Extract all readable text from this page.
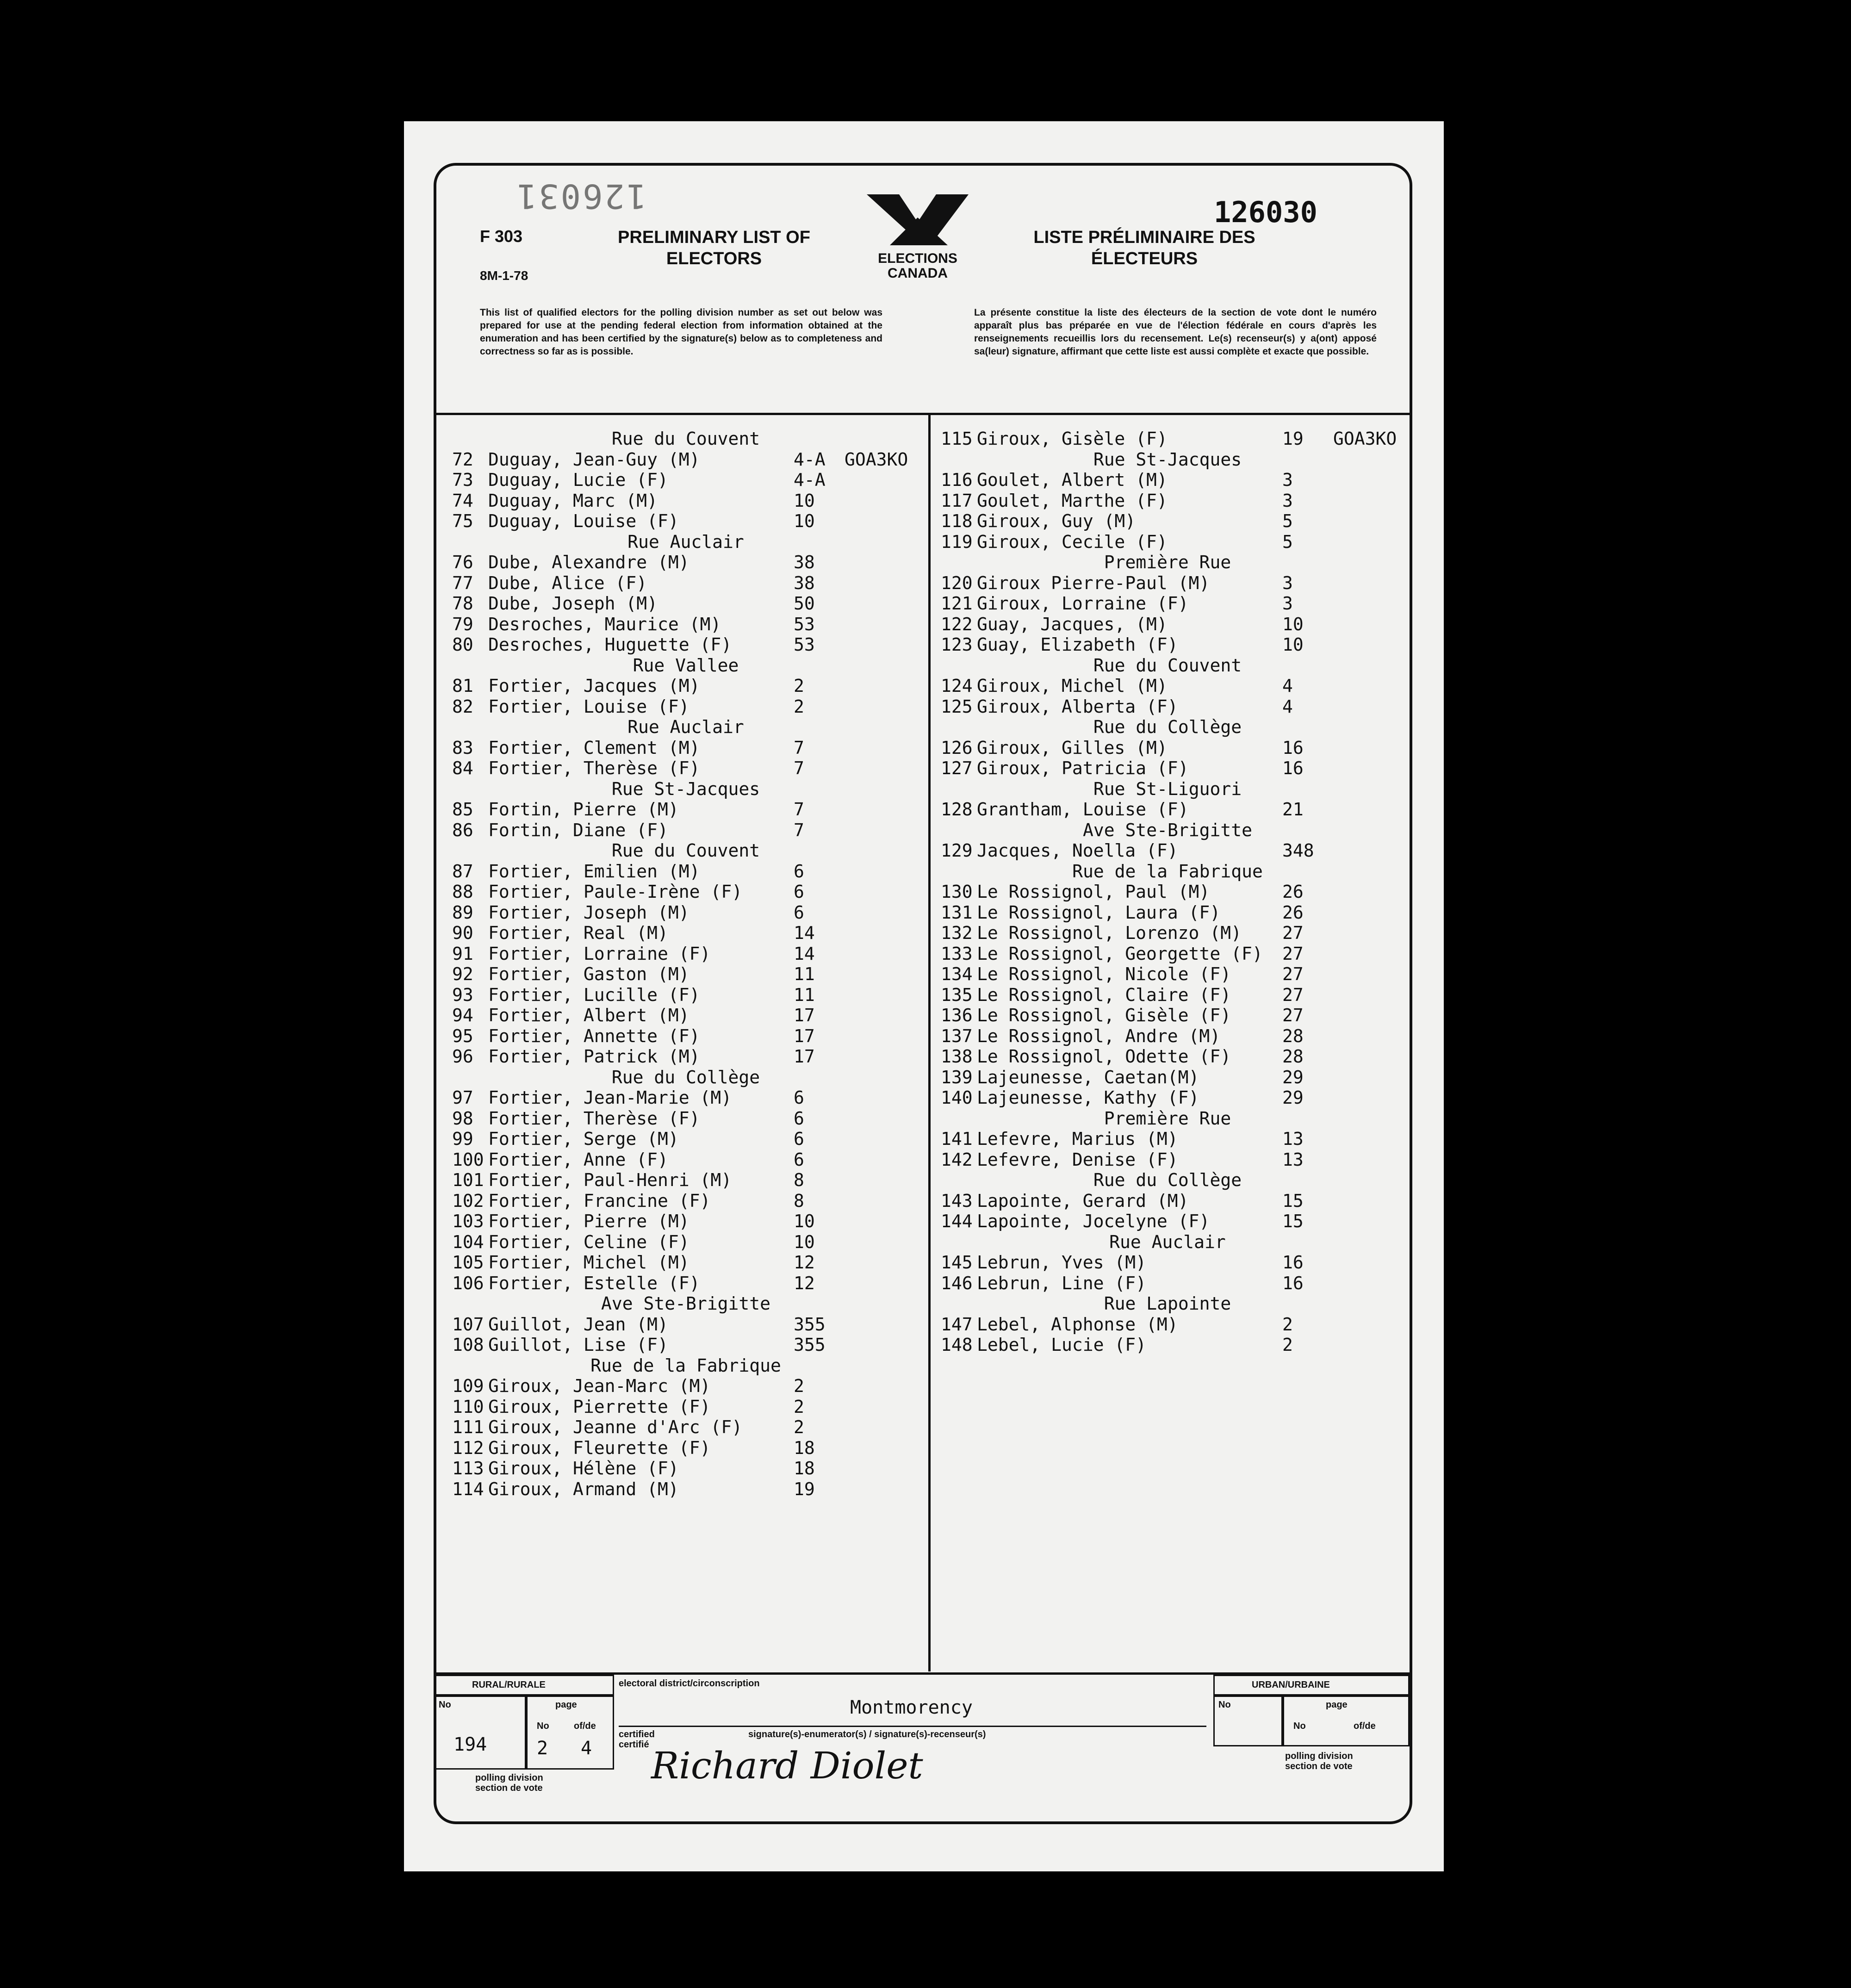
126031	126030
F 303
8M-1-78
PRELIMINARY LIST OF ELECTORS
LISTE PRÉLIMINAIRE DES ÉLECTEURS
ELECTIONS
CANADA
This list of qualified electors for the polling division number as set out below was prepared for use at the pending federal election from information obtained at the enumeration and has been certified by the signature(s) below as to completeness and correctness so far as is possible.
La présente constitue la liste des électeurs de la section de vote dont le numéro apparaît plus bas préparée en vue de l'élection fédérale en cours d'après les renseignements recueillis lors du recensement. Le(s) recenseur(s) y a(ont) apposé sa(leur) signature, affirmant que cette liste est aussi complète et exacte que possible.
Rue du Couvent
72 Duguay, Jean-Guy (M)	4-A GOA3KO
73 Duguay, Lucie (F)	4-A
74 Duguay, Marc (M)	10
75 Duguay, Louise (F)	10
Rue Auclair
76 Dube, Alexandre (M)	38
77 Dube, Alice (F)	38
78 Dube, Joseph (M)	50
79 Desroches, Maurice (M)	53
80 Desroches, Huguette (F)	53
Rue Vallee
81 Fortier, Jacques (M)	2
82 Fortier, Louise (F)	2
Rue Auclair
83 Fortier, Clement (M)	7
84 Fortier, Therèse (F)	7
Rue St-Jacques
85 Fortin, Pierre (M)	7
86 Fortin, Diane (F)	7
Rue du Couvent
87 Fortier, Emilien (M)	6
88 Fortier, Paule-Irène (F)	6
89 Fortier, Joseph (M)	6
90 Fortier, Real (M)	14
91 Fortier, Lorraine (F)	14
92 Fortier, Gaston (M)	11
93 Fortier, Lucille (F)	11
94 Fortier, Albert (M)	17
95 Fortier, Annette (F)	17
96 Fortier, Patrick (M)	17
Rue du Collège
97 Fortier, Jean-Marie (M)	6
98 Fortier, Therèse (F)	6
99 Fortier, Serge (M)	6
100 Fortier, Anne (F)	6
101 Fortier, Paul-Henri (M)	8
102 Fortier, Francine (F)	8
103 Fortier, Pierre (M)	10
104 Fortier, Celine (F)	10
105 Fortier, Michel (M)	12
106 Fortier, Estelle (F)	12
Ave Ste-Brigitte
107 Guillot, Jean (M)	355
108 Guillot, Lise (F)	355
Rue de la Fabrique
109 Giroux, Jean-Marc (M)	2
110 Giroux, Pierrette (F)	2
111 Giroux, Jeanne d'Arc (F)	2
112 Giroux, Fleurette (F)	18
113 Giroux, Hélène (F)	18
114 Giroux, Armand (M)	19
115 Giroux, Gisèle (F)	19 GOA3KO
Rue St-Jacques
116 Goulet, Albert (M)	3
117 Goulet, Marthe (F)	3
118 Giroux, Guy (M)	5
119 Giroux, Cecile (F)	5
Première Rue
120 Giroux Pierre-Paul (M)	3
121 Giroux, Lorraine (F)	3
122 Guay, Jacques, (M)	10
123 Guay, Elizabeth (F)	10
Rue du Couvent
124 Giroux, Michel (M)	4
125 Giroux, Alberta (F)	4
Rue du Collège
126 Giroux, Gilles (M)	16
127 Giroux, Patricia (F)	16
Rue St-Liguori
128 Grantham, Louise (F)	21
Ave Ste-Brigitte
129 Jacques, Noella (F)	348
Rue de la Fabrique
130 Le Rossignol, Paul (M)	26
131 Le Rossignol, Laura (F)	26
132 Le Rossignol, Lorenzo (M) 27
133 Le Rossignol, Georgette (F) 27
134 Le Rossignol, Nicole (F)	27
135 Le Rossignol, Claire (F)	27
136 Le Rossignol, Gisèle (F)	27
137 Le Rossignol, Andre (M)	28
138 Le Rossignol, Odette (F)	28
139 Lajeunesse, Caetan(M)	29
140 Lajeunesse, Kathy (F)	29
Première Rue
141 Lefevre, Marius (M)	13
142 Lefevre, Denise (F)	13
Rue du Collège
143 Lapointe, Gerard (M)	15
144 Lapointe, Jocelyne (F)	15
Rue Auclair
145 Lebrun, Yves (M)	16
146 Lebrun, Line (F)	16
Rue Lapointe
147 Lebel, Alphonse (M)	2
148 Lebel, Lucie (F)	2
RURAL/RURALE
No
194
page
No	of/de
2 4
polling division section de vote
electoral district/circonscription
Montmorency
certified certifié
signature(s)-enumerator(s) / signature(s)-recenseur(s)
Richard Diolet
URBAN/URBAINE
No	page
No	of/de
polling division section de vote
